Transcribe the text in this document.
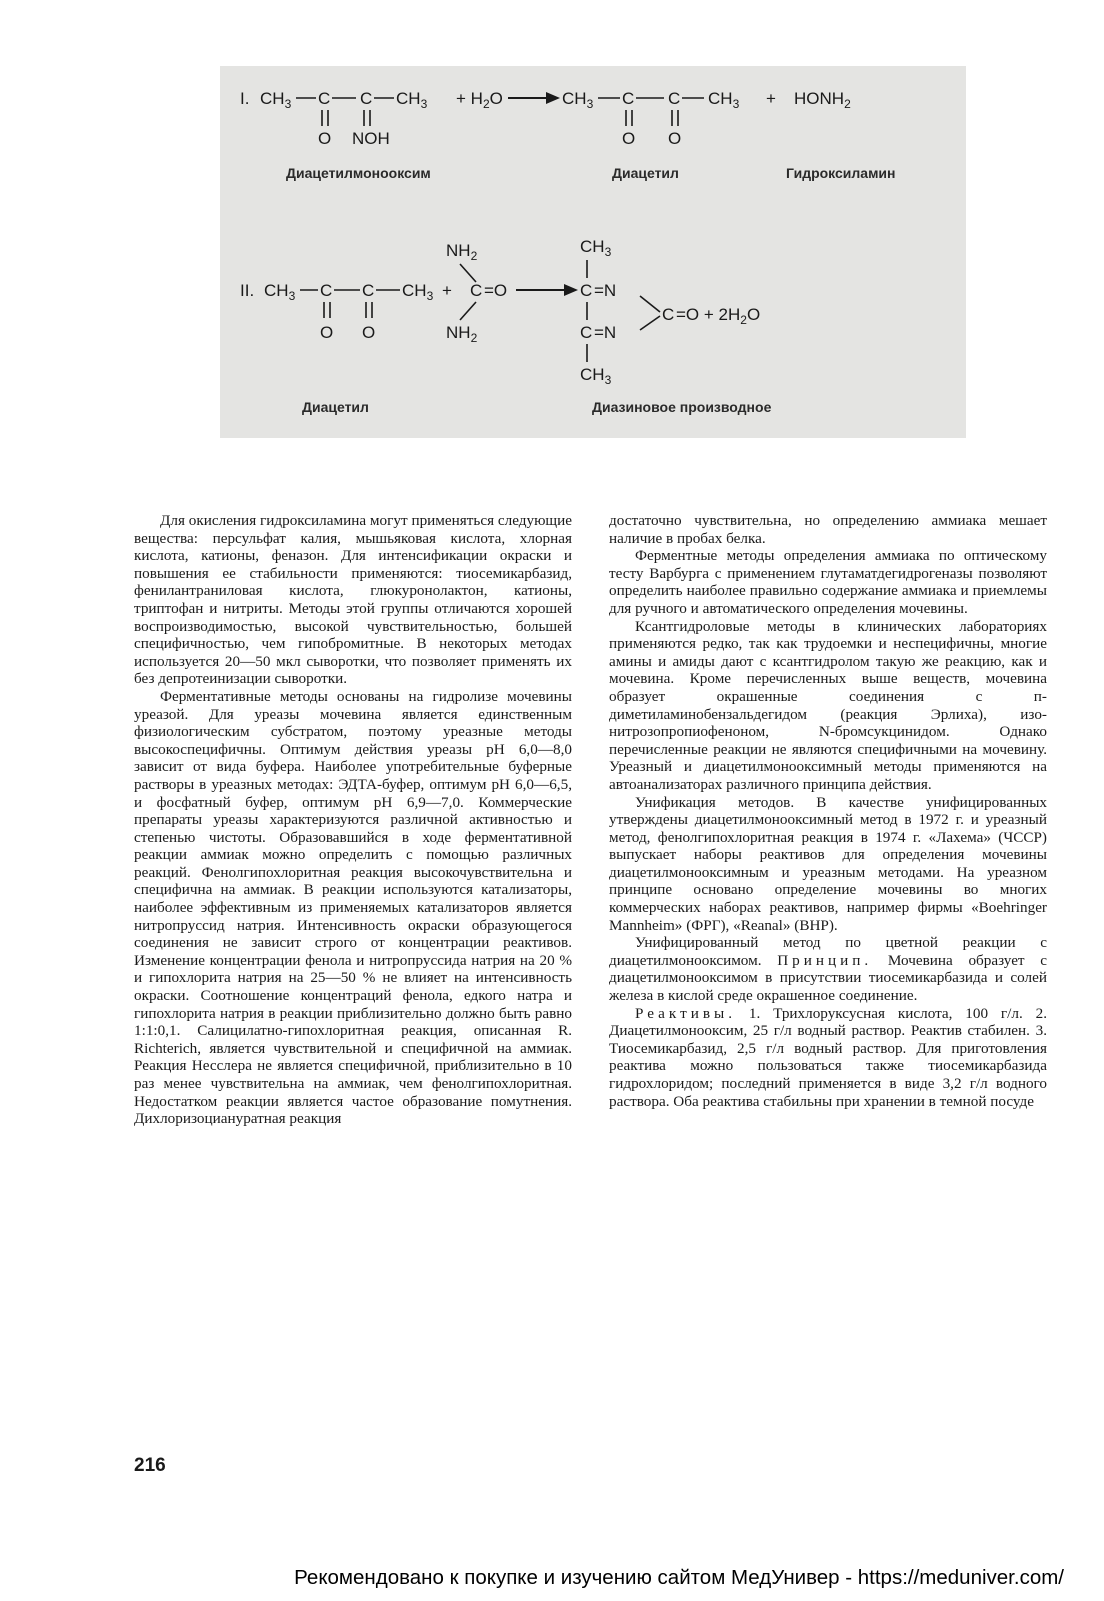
I. $CH_3$ C C $CH_3$
O NOH
+ $H_2O$	$CH_3$ C C $CH_3$
O O
+ $HONH_2$
Диацетилмонооксим	Диацетил	Гидроксиламин
II. $CH_3$ C C $CH_3$ +
O O
$NH_2$
C =O
$NH_2$
$CH_3$
C =N
C =N
$CH_3$
$C =O + 2H_2O$
Диацетил	Диазиновое производное

Для окисления гидроксиламина могут применяться следующие вещества: персульфат калия, мышьяковая кислота, хлорная кислота, катионы, феназон. Для интенсификации окраски и повышения ее стабильности применяются: тиосемикарбазид, фенилантраниловая кислота, глюкуронолактон, катионы, триптофан и нитриты. Методы этой группы отличаются хорошей воспроизводимостью, высокой чувствительностью, большей специфичностью, чем гипобромитные. В некоторых методах используется 20—50 мкл сыворотки, что позволяет применять их без депротеинизации сыворотки.

Ферментативные методы основаны на гидролизе мочевины уреазой. Для уреазы мочевина является единственным физиологическим субстратом, поэтому уреазные методы высокоспецифичны. Оптимум действия уреазы pH 6,0—8,0 зависит от вида буфера. Наиболее употребительные буферные растворы в уреазных методах: ЭДТА-буфер, оптимум pH 6,0—6,5, и фосфатный буфер, оптимум pH 6,9—7,0. Коммерческие препараты уреазы характеризуются различной активностью и степенью чистоты. Образовавшийся в ходе ферментативной реакции аммиак можно определить с помощью различных реакций. Фенолгипохлоритная реакция высокочувствительна и специфична на аммиак. В реакции используются катализаторы, наиболее эффективным из применяемых катализаторов является нитропруссид натрия. Интенсивность окраски образующегося соединения не зависит строго от концентрации реактивов. Изменение концентрации фенола и нитропруссида натрия на 20 % и гипохлорита натрия на 25—50 % не влияет на интенсивность окраски. Соотношение концентраций фенола, едкого натра и гипохлорита натрия в реакции приблизительно должно быть равно 1:1:0,1. Салицилатно-гипохлоритная реакция, описанная R. Richterich, является чувствительной и специфичной на аммиак. Реакция Несслера не является специфичной, приблизительно в 10 раз менее чувствительна на аммиак, чем фенолгипохлоритная. Недостатком реакции является частое образование помутнения. Дихлоризоциануратная реакция

достаточно чувствительна, но определению аммиака мешает наличие в пробах белка.

Ферментные методы определения аммиака по оптическому тесту Варбурга с применением глутаматдегидрогеназы позволяют определить наиболее правильно содержание аммиака и приемлемы для ручного и автоматического определения мочевины.

Ксантгидроловые методы в клинических лабораториях применяются редко, так как трудоемки и неспецифичны, многие амины и амиды дают с ксантгидролом такую же реакцию, как и мочевина. Кроме перечисленных выше веществ, мочевина образует окрашенные соединения с п-диметиламинобензальдегидом (реакция Эрлиха), изо-нитрозопропиофеноном, N-бромсукцинидом. Однако перечисленные реакции не являются специфичными на мочевину. Уреазный и диацетилмонооксимный методы применяются на автоанализаторах различного принципа действия.

Унификация методов. В качестве унифицированных утверждены диацетилмонооксимный метод в 1972 г. и уреазный метод, фенолгипохлоритная реакция в 1974 г. «Лахема» (ЧССР) выпускает наборы реактивов для определения мочевины диацетилмонооксимным и уреазным методами. На уреазном принципе основано определение мочевины во многих коммерческих наборах реактивов, например фирмы «Boehringer Mannheim» (ФРГ), «Reanal» (ВНР).

Унифицированный метод по цветной реакции с диацетилмонооксимом. Принцип. Мочевина образует с диацетилмонооксимом в присутствии тиосемикарбазида и солей железа в кислой среде окрашенное соединение.

Реактивы. 1. Трихлоруксусная кислота, 100 г/л. 2. Диацетилмонооксим, 25 г/л водный раствор. Реактив стабилен. 3. Тиосемикарбазид, 2,5 г/л водный раствор. Для приготовления реактива можно пользоваться также тиосемикарбазида гидрохлоридом; последний применяется в виде 3,2 г/л водного раствора. Оба реактива стабильны при хранении в темной посуде

216
Рекомендовано к покупке и изучению сайтом МедУнивер - https://meduniver.com/
